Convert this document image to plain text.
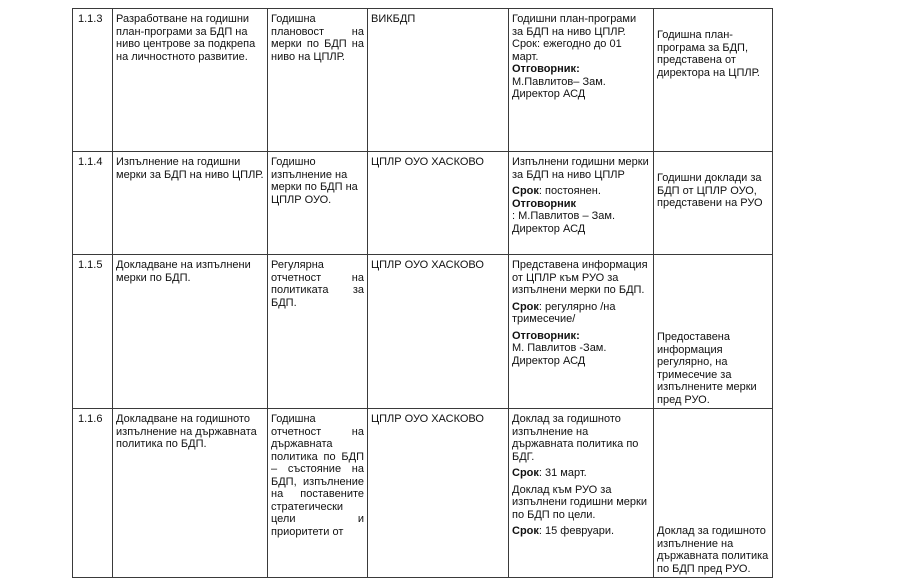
1.1.3	Разработване на годишни план-програми за БДП на ниво центрове за подкрепа на личностното развитие.	Годишна плановост на мерки по БДП на ниво на ЦПЛР.	ВИКБДП	Годишни план-програми за БДП на ниво ЦПЛР. Срок: ежегодно до 01 март.
Отговорник:
М.Павлитов– Зам. Директор АСД	Годишна план-програма за БДП, представена от директора на ЦПЛР.
1.1.4	Изпълнение на годишни мерки за БДП на ниво ЦПЛР.	Годишно изпълнение на мерки по БДП на ЦПЛР ОУО.	ЦПЛР ОУО ХАСКОВО	Изпълнени годишни мерки за БДП на ниво ЦПЛР
Срок: постоянен.
Отговорник
: М.Павлитов – Зам. Директор АСД	Годишни доклади за БДП от ЦПЛР ОУО, представени на РУО
1.1.5	Докладване на изпълнени мерки по БДП.	Регулярна отчетност на политиката за БДП.	ЦПЛР ОУО ХАСКОВО	Представена информация от ЦПЛР към РУО за изпълнени мерки по БДП.
Срок: регулярно /на тримесечие/
Отговорник:
М. Павлитов -Зам. Директор АСД	Предоставена информация регулярно, на тримесечие за изпълнените мерки пред РУО.
1.1.6	Докладване на годишното изпълнение на държавната политика по БДП.	Годишна отчетност на държавната политика по БДП – състояние на БДП, изпълнение на поставените стратегически цели и приоритети от	ЦПЛР ОУО ХАСКОВО	Доклад за годишното изпълнение на държавната политика по БДГ.
Срок: 31 март.
Доклад към РУО за изпълнени годишни мерки по БДП по цели.
Срок: 15 февруари.	Доклад за годишното изпълнение на държавната политика по БДП пред РУО.
